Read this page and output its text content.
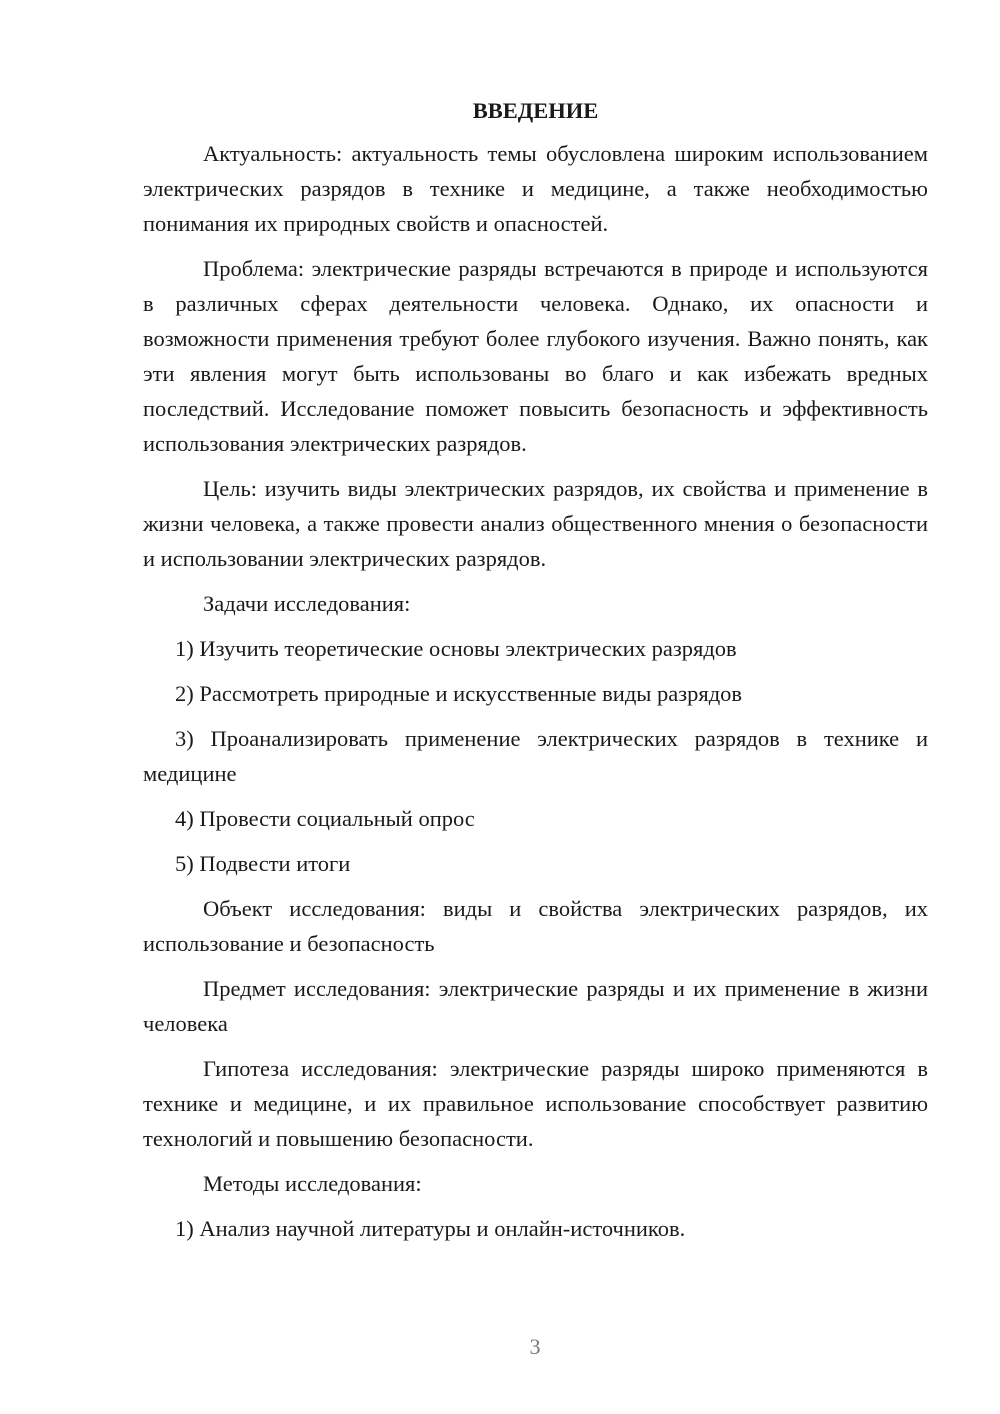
ВВЕДЕНИЕ

Актуальность: актуальность темы обусловлена широким использованием электрических разрядов в технике и медицине, а также необходимостью понимания их природных свойств и опасностей.

Проблема: электрические разряды встречаются в природе и используются в различных сферах деятельности человека. Однако, их опасности и возможности применения требуют более глубокого изучения. Важно понять, как эти явления могут быть использованы во благо и как избежать вредных последствий. Исследование поможет повысить безопасность и эффективность использования электрических разрядов.

Цель: изучить виды электрических разрядов, их свойства и применение в жизни человека, а также провести анализ общественного мнения о безопасности и использовании электрических разрядов.

Задачи исследования:

1) Изучить теоретические основы электрических разрядов

2) Рассмотреть природные и искусственные виды разрядов

3) Проанализировать применение электрических разрядов в технике и медицине

4) Провести социальный опрос

5) Подвести итоги

Объект исследования: виды и свойства электрических разрядов, их использование и безопасность

Предмет исследования: электрические разряды и их применение в жизни человека

Гипотеза исследования: электрические разряды широко применяются в технике и медицине, и их правильное использование способствует развитию технологий и повышению безопасности.

Методы исследования:

1) Анализ научной литературы и онлайн-источников.

3
